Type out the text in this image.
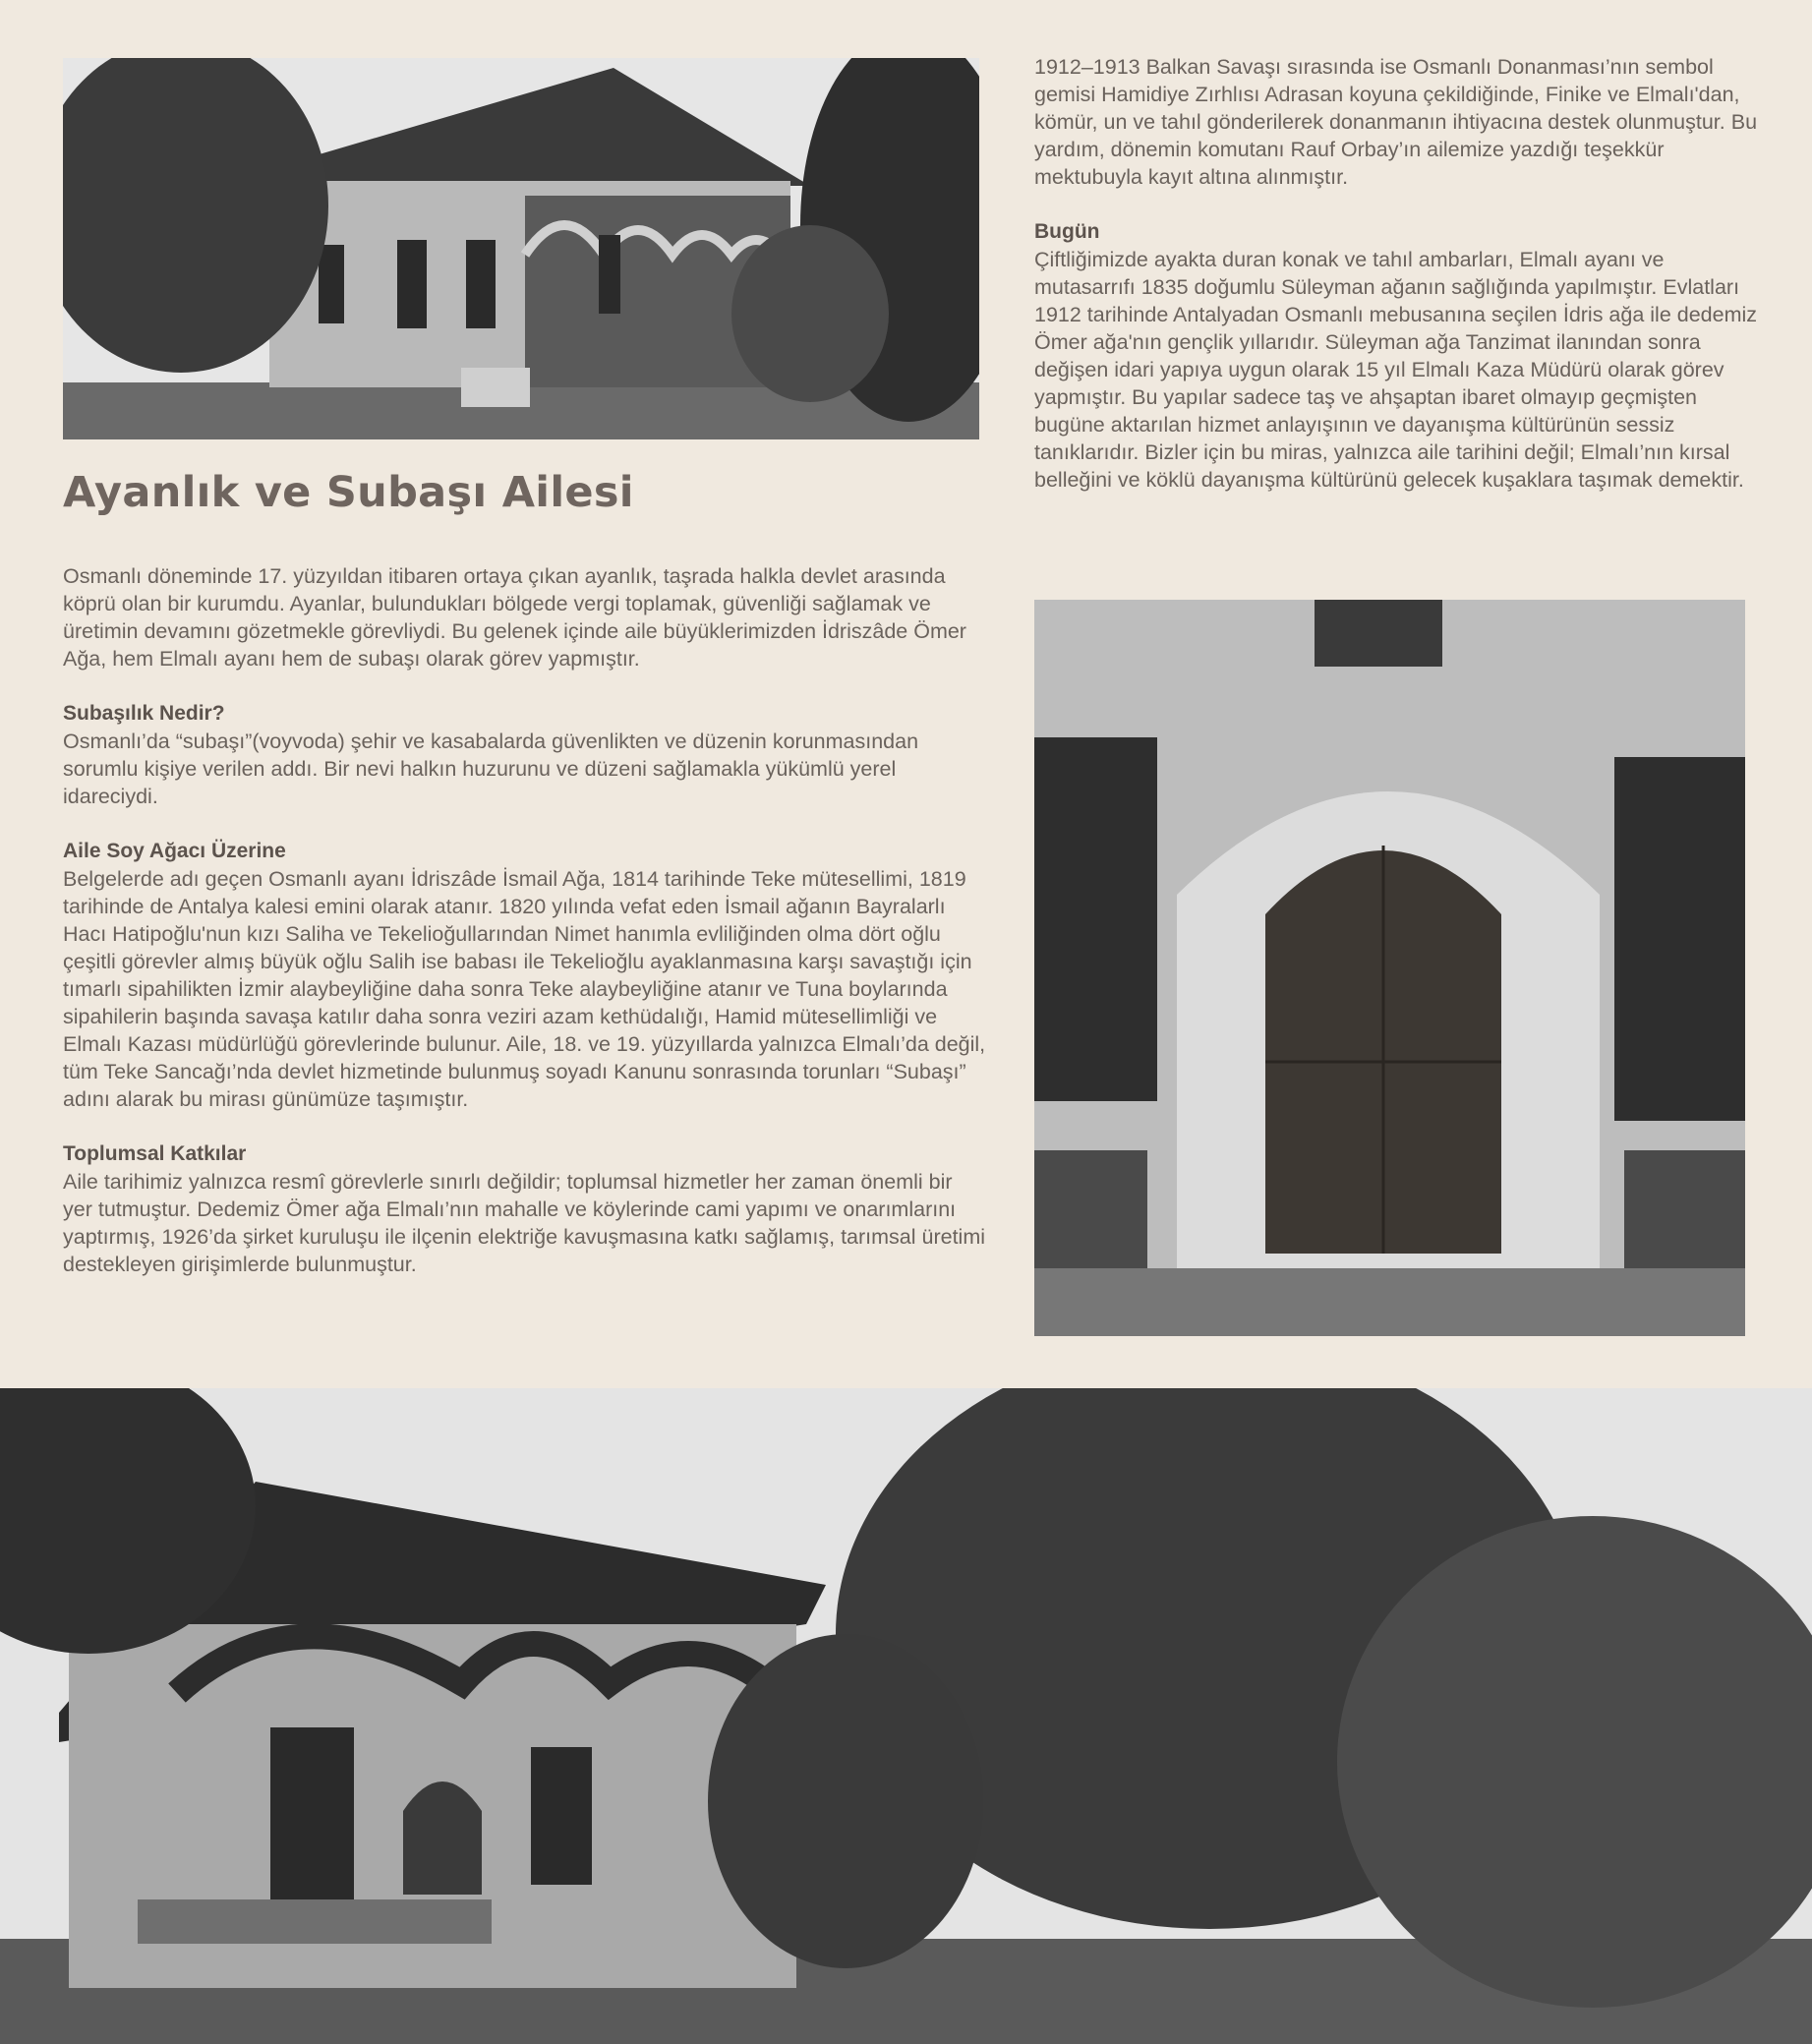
Ayanlık ve Subaşı Ailesi

Osmanlı döneminde 17. yüzyıldan itibaren ortaya çıkan ayanlık, taşrada halkla devlet arasında köprü olan bir kurumdu. Ayanlar, bulundukları bölgede vergi toplamak, güvenliği sağlamak ve üretimin devamını gözetmekle görevliydi. Bu gelenek içinde aile büyüklerimizden İdriszâde Ömer Ağa, hem Elmalı ayanı hem de subaşı olarak görev yapmıştır.

Subaşılık Nedir?

Osmanlı’da “subaşı”(voyvoda) şehir ve kasabalarda güvenlikten ve düzenin korunmasından sorumlu kişiye verilen addı. Bir nevi halkın huzurunu ve düzeni sağlamakla yükümlü yerel idareciydi.

Aile Soy Ağacı Üzerine

Belgelerde adı geçen Osmanlı ayanı İdriszâde İsmail Ağa, 1814 tarihinde Teke mütesellimi, 1819 tarihinde de Antalya kalesi emini olarak atanır. 1820 yılında vefat eden İsmail ağanın Bayralarlı Hacı Hatipoğlu'nun kızı Saliha ve Tekelioğullarından Nimet hanımla evliliğinden olma dört oğlu çeşitli görevler almış büyük oğlu Salih ise babası ile Tekelioğlu ayaklanmasına karşı savaştığı için tımarlı sipahilikten İzmir alaybeyliğine daha sonra Teke alaybeyliğine atanır ve Tuna boylarında sipahilerin başında savaşa katılır daha sonra veziri azam kethüdalığı, Hamid mütesellimliği ve Elmalı Kazası müdürlüğü görevlerinde bulunur. Aile, 18. ve 19. yüzyıllarda yalnızca Elmalı’da değil, tüm Teke Sancağı’nda devlet hizmetinde bulunmuş soyadı Kanunu sonrasında torunları “Subaşı” adını alarak bu mirası günümüze taşımıştır.

Toplumsal Katkılar

Aile tarihimiz yalnızca resmî görevlerle sınırlı değildir; toplumsal hizmetler her zaman önemli bir yer tutmuştur. Dedemiz Ömer ağa Elmalı’nın mahalle ve köylerinde cami yapımı ve onarımlarını yaptırmış, 1926’da şirket kuruluşu ile ilçenin elektriğe kavuşmasına katkı sağlamış, tarımsal üretimi destekleyen girişimlerde bulunmuştur.

1912–1913 Balkan Savaşı sırasında ise Osmanlı Donanması’nın sembol gemisi Hamidiye Zırhlısı Adrasan koyuna çekildiğinde, Finike ve Elmalı'dan, kömür, un ve tahıl gönderilerek donanmanın ihtiyacına destek olunmuştur. Bu yardım, dönemin komutanı Rauf Orbay’ın ailemize yazdığı teşekkür mektubuyla kayıt altına alınmıştır.

Bugün

Çiftliğimizde ayakta duran konak ve tahıl ambarları, Elmalı ayanı ve mutasarrıfı 1835 doğumlu Süleyman ağanın sağlığında yapılmıştır. Evlatları 1912 tarihinde Antalyadan Osmanlı mebusanına seçilen İdris ağa ile dedemiz Ömer ağa'nın gençlik yıllarıdır. Süleyman ağa Tanzimat ilanından sonra değişen idari yapıya uygun olarak 15 yıl Elmalı Kaza Müdürü olarak görev yapmıştır. Bu yapılar sadece taş ve ahşaptan ibaret olmayıp geçmişten bugüne aktarılan hizmet anlayışının ve dayanışma kültürünün sessiz tanıklarıdır. Bizler için bu miras, yalnızca aile tarihini değil; Elmalı’nın kırsal belleğini ve köklü dayanışma kültürünü gelecek kuşaklara taşımak demektir.
